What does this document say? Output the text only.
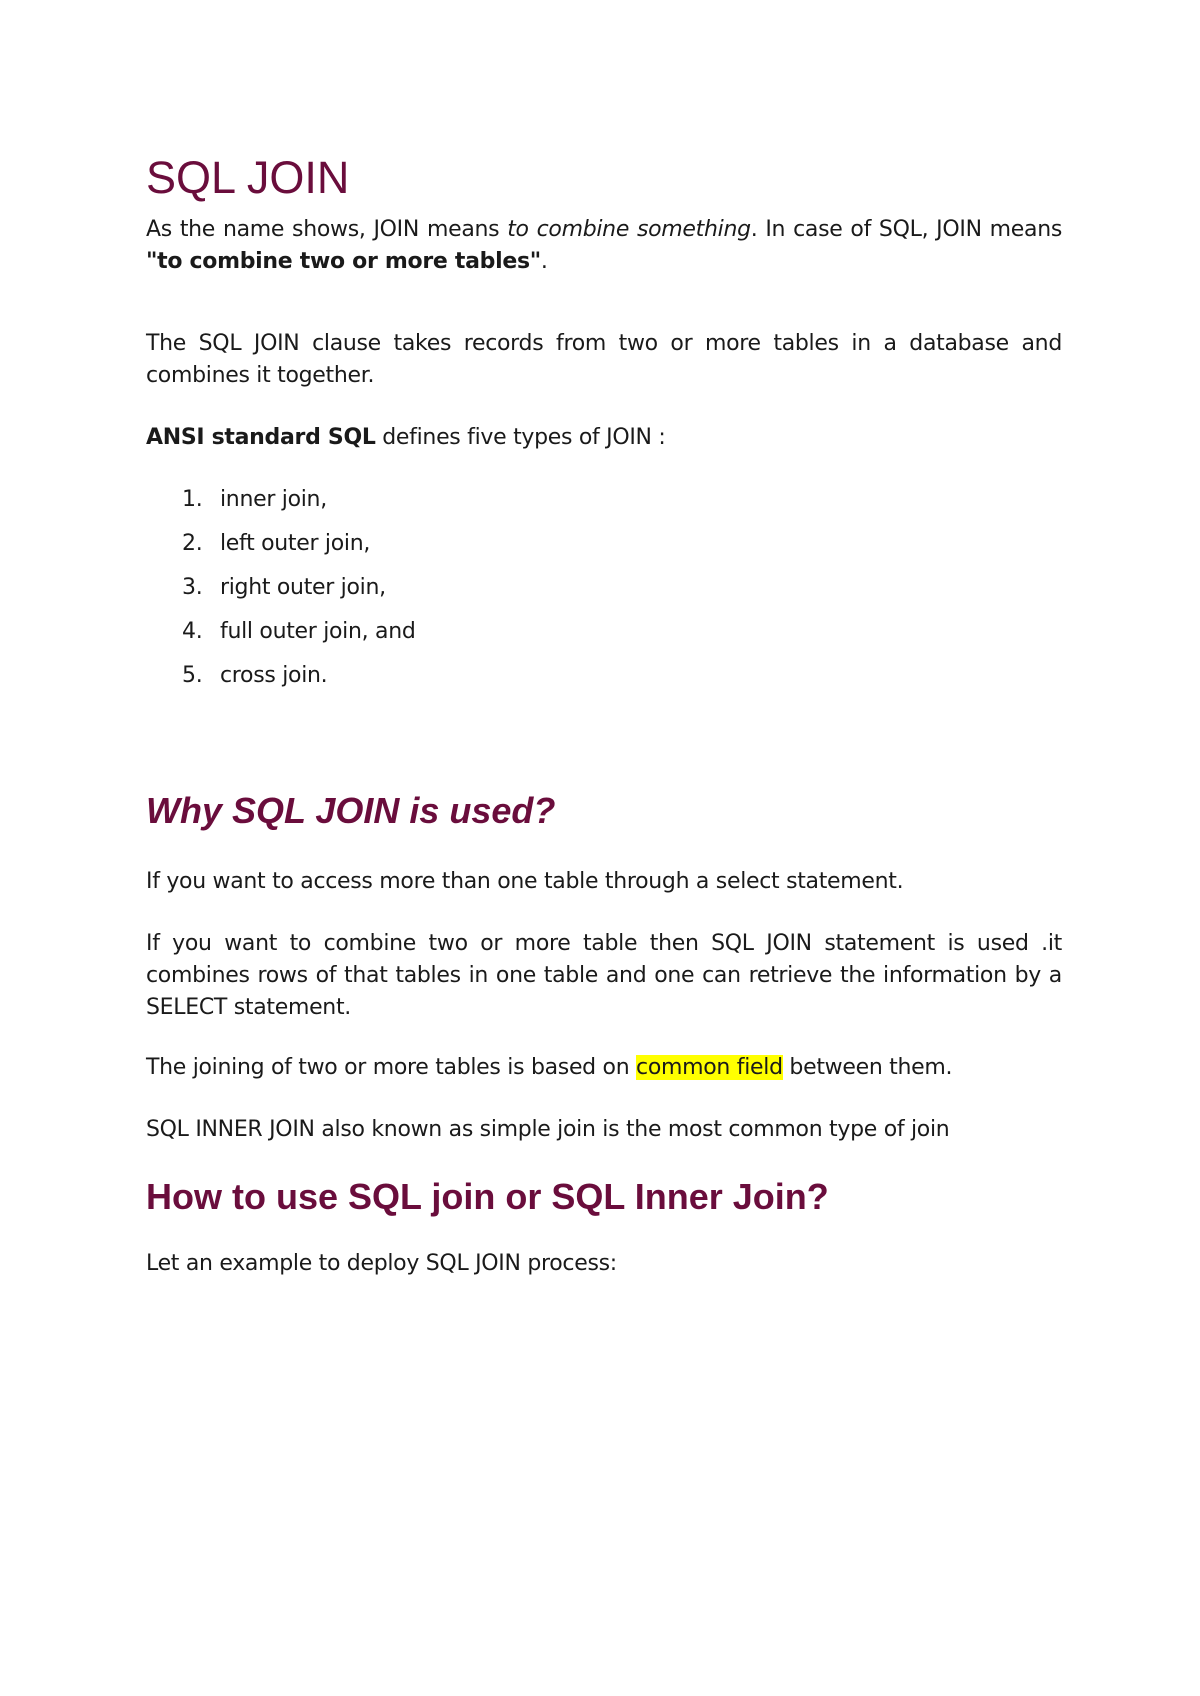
SQL JOIN

As the name shows, JOIN means to combine something. In case of SQL, JOIN means "to combine two or more tables".

The SQL JOIN clause takes records from two or more tables in a database and combines it together.

ANSI standard SQL defines five types of JOIN :

1. inner join,
2. left outer join,
3. right outer join,
4. full outer join, and
5. cross join.
Why SQL JOIN is used?

If you want to access more than one table through a select statement.

If you want to combine two or more table then SQL JOIN statement is used .it combines rows of that tables in one table and one can retrieve the information by a SELECT statement.

The joining of two or more tables is based on common field between them.

SQL INNER JOIN also known as simple join is the most common type of join

How to use SQL join or SQL Inner Join?

Let an example to deploy SQL JOIN process:
